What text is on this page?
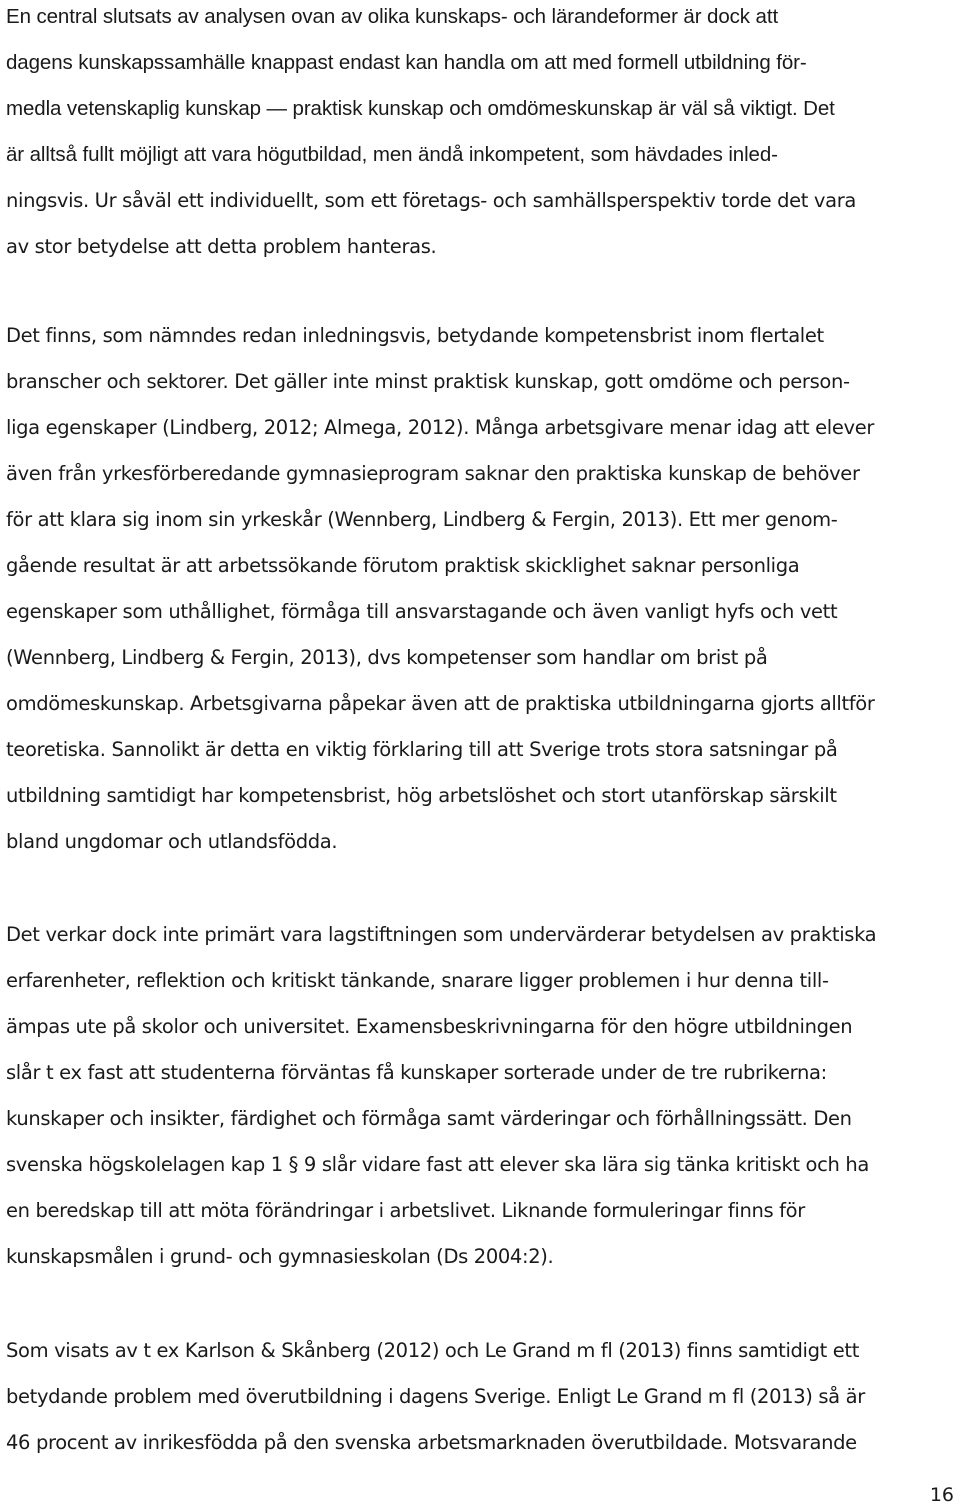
En central slutsats av analysen ovan av olika kunskaps- och lärandeformer är dock att
dagens kunskapssamhälle knappast endast kan handla om att med formell utbildning för-
medla vetenskaplig kunskap — praktisk kunskap och omdömeskunskap är väl så viktigt. Det
är alltså fullt möjligt att vara högutbildad, men ändå inkompetent, som hävdades inled-
ningsvis. Ur såväl ett individuellt, som ett företags- och samhällsperspektiv torde det vara
av stor betydelse att detta problem hanteras.
Det finns, som nämndes redan inledningsvis, betydande kompetensbrist inom flertalet
branscher och sektorer. Det gäller inte minst praktisk kunskap, gott omdöme och person-
liga egenskaper (Lindberg, 2012; Almega, 2012). Många arbetsgivare menar idag att elever
även från yrkesförberedande gymnasieprogram saknar den praktiska kunskap de behöver
för att klara sig inom sin yrkeskår (Wennberg, Lindberg & Fergin, 2013). Ett mer genom-
gående resultat är att arbetssökande förutom praktisk skicklighet saknar personliga
egenskaper som uthållighet, förmåga till ansvarstagande och även vanligt hyfs och vett
(Wennberg, Lindberg & Fergin, 2013), dvs kompetenser som handlar om brist på
omdömeskunskap. Arbetsgivarna påpekar även att de praktiska utbildningarna gjorts alltför
teoretiska. Sannolikt är detta en viktig förklaring till att Sverige trots stora satsningar på
utbildning samtidigt har kompetensbrist, hög arbetslöshet och stort utanförskap särskilt
bland ungdomar och utlandsfödda.
Det verkar dock inte primärt vara lagstiftningen som undervärderar betydelsen av praktiska
erfarenheter, reflektion och kritiskt tänkande, snarare ligger problemen i hur denna till-
ämpas ute på skolor och universitet. Examensbeskrivningarna för den högre utbildningen
slår t ex fast att studenterna förväntas få kunskaper sorterade under de tre rubrikerna:
kunskaper och insikter, färdighet och förmåga samt värderingar och förhållningssätt. Den
svenska högskolelagen kap 1 § 9 slår vidare fast att elever ska lära sig tänka kritiskt och ha
en beredskap till att möta förändringar i arbetslivet. Liknande formuleringar finns för
kunskapsmålen i grund- och gymnasieskolan (Ds 2004:2).
Som visats av t ex Karlson & Skånberg (2012) och Le Grand m fl (2013) finns samtidigt ett
betydande problem med överutbildning i dagens Sverige. Enligt Le Grand m fl (2013) så är
46 procent av inrikesfödda på den svenska arbetsmarknaden överutbildade. Motsvarande

16
